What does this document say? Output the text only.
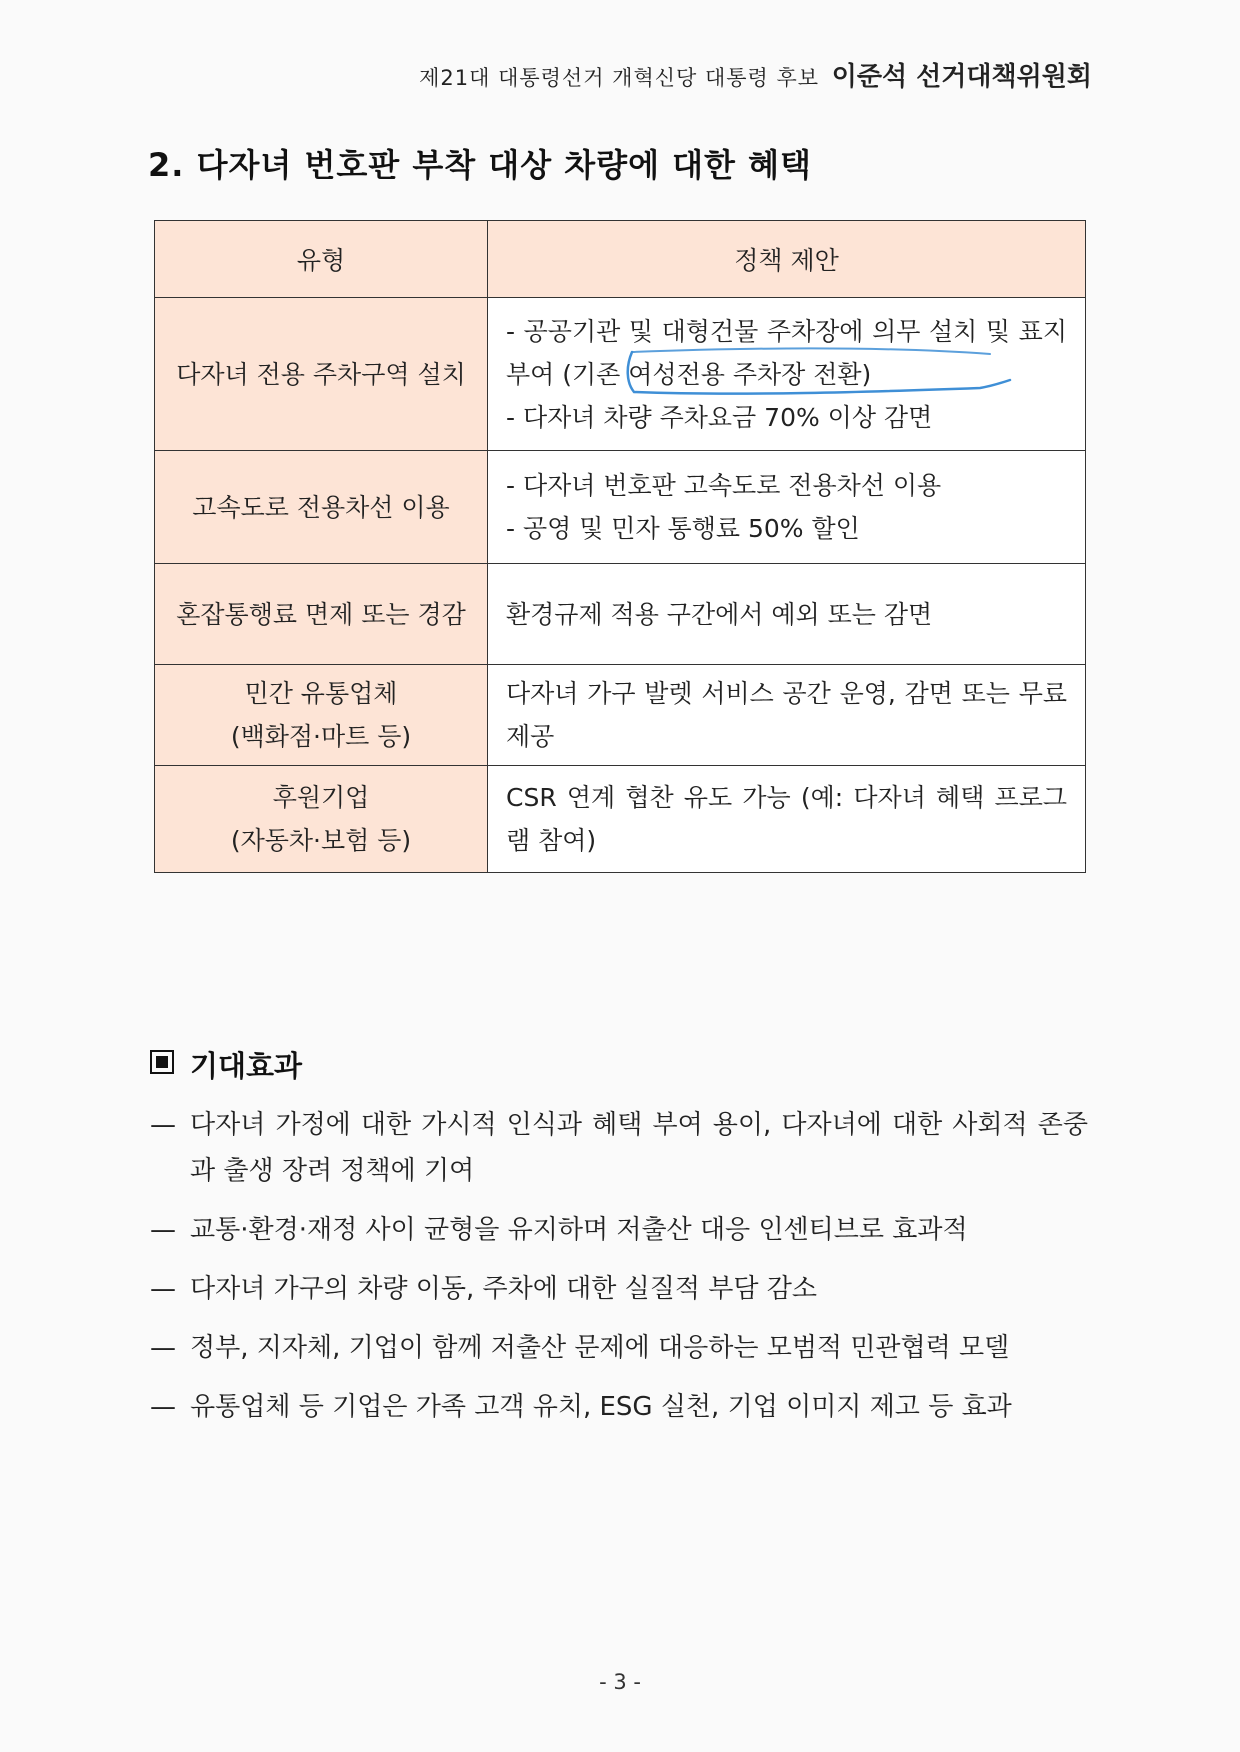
제21대 대통령선거 개혁신당 대통령 후보 이준석 선거대책위원회
2. 다자녀 번호판 부착 대상 차량에 대한 혜택
유형	정책 제안
다자녀 전용 주차구역 설치	- 공공기관 및 대형건물 주차장에 의무 설치 및 표지 부여 (기존 여성전용 주차장 전환)
- 다자녀 차량 주차요금 70% 이상 감면

고속도로 전용차선 이용	- 다자녀 번호판 고속도로 전용차선 이용
- 공영 및 민자 통행료 50% 할인

혼잡통행료 면제 또는 경감	환경규제 적용 구간에서 예외 또는 감면

민간 유통업체
(백화점·마트 등)	다자녀 가구 발렛 서비스 공간 운영, 감면 또는 무료 제공

후원기업
(자동차·보험 등)	CSR 연계 협찬 유도 가능 (예: 다자녀 혜택 프로그램 참여)
기대효과
— 다자녀 가정에 대한 가시적 인식과 혜택 부여 용이, 다자녀에 대한 사회적 존중과 출생 장려 정책에 기여
— 교통·환경·재정 사이 균형을 유지하며 저출산 대응 인센티브로 효과적
— 다자녀 가구의 차량 이동, 주차에 대한 실질적 부담 감소
— 정부, 지자체, 기업이 함께 저출산 문제에 대응하는 모범적 민관협력 모델
— 유통업체 등 기업은 가족 고객 유치, ESG 실천, 기업 이미지 제고 등 효과
- 3 -
